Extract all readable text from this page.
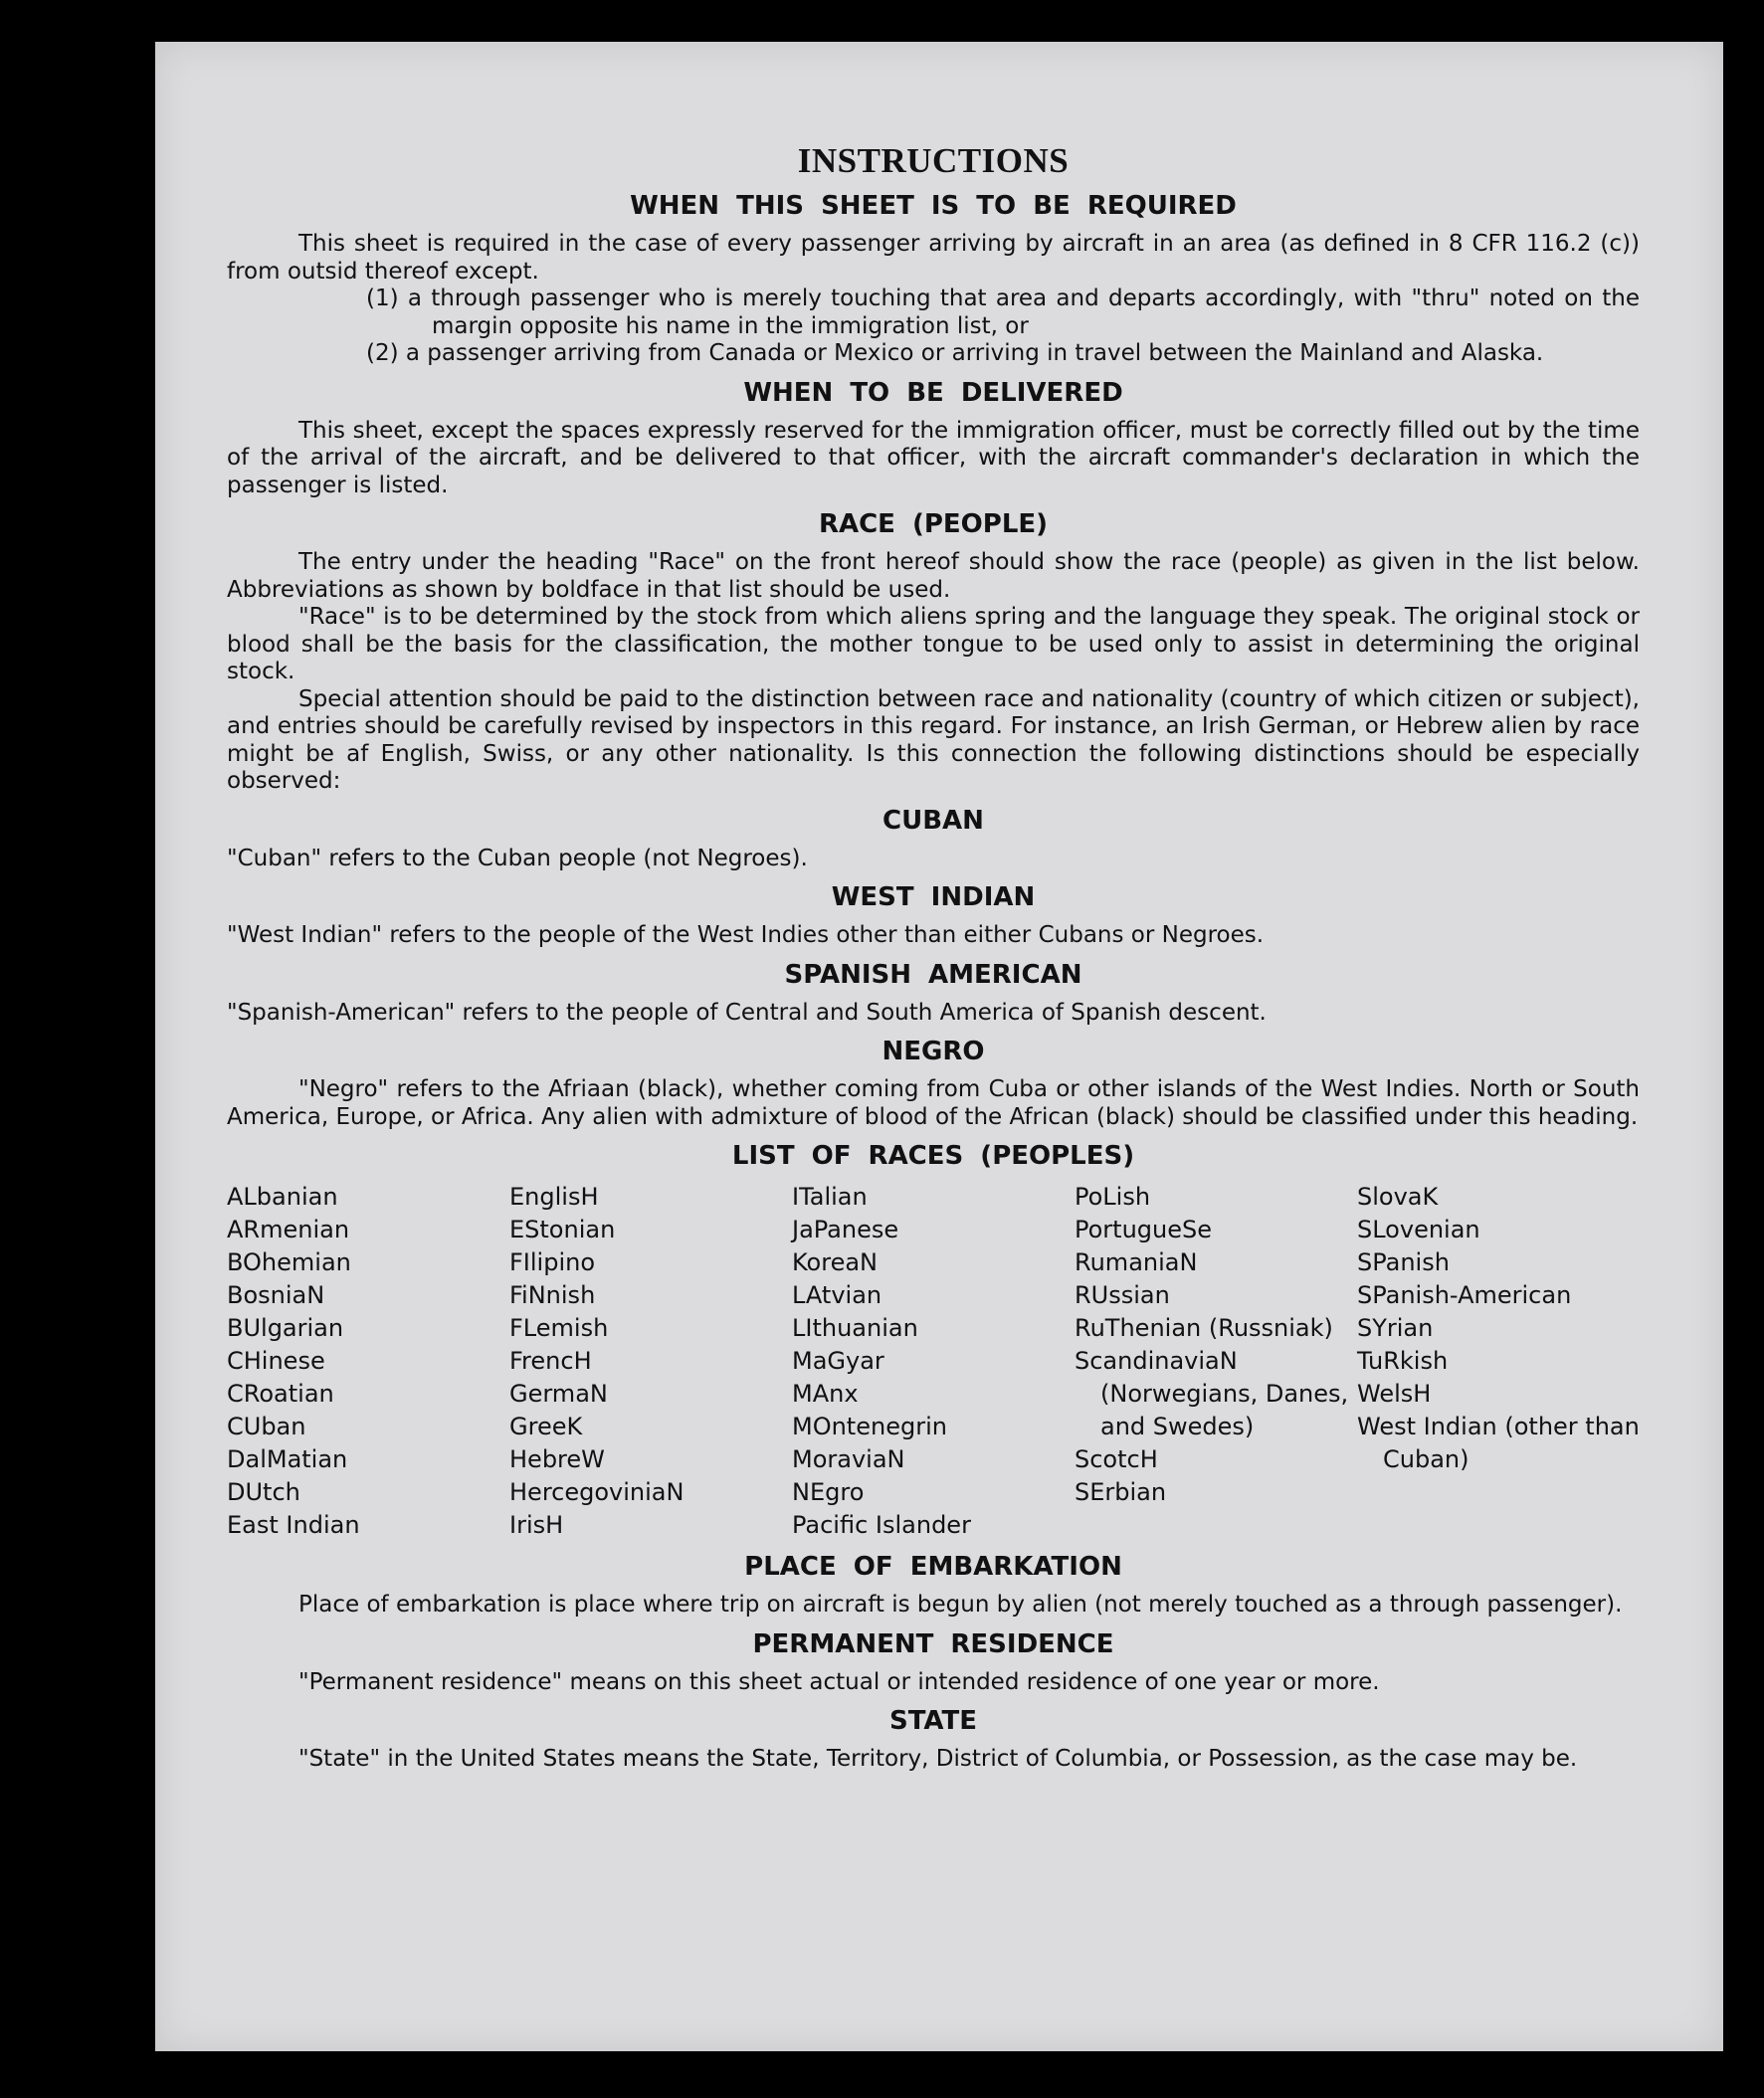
INSTRUCTIONS
WHEN THIS SHEET IS TO BE REQUIRED

This sheet is required in the case of every passenger arriving by aircraft in an area (as defined in 8 CFR 116.2 (c)) from outsid thereof except.

(1) a through passenger who is merely touching that area and departs accordingly, with "thru" noted on the margin opposite his name in the immigration list, or
(2) a passenger arriving from Canada or Mexico or arriving in travel between the Mainland and Alaska.
WHEN TO BE DELIVERED

This sheet, except the spaces expressly reserved for the immigration officer, must be correctly filled out by the time of the arrival of the aircraft, and be delivered to that officer, with the aircraft commander's declaration in which the passenger is listed.

RACE (PEOPLE)

The entry under the heading "Race" on the front hereof should show the race (people) as given in the list below. Abbreviations as shown by boldface in that list should be used.

"Race" is to be determined by the stock from which aliens spring and the language they speak. The original stock or blood shall be the basis for the classification, the mother tongue to be used only to assist in determining the original stock.

Special attention should be paid to the distinction between race and nationality (country of which citizen or subject), and entries should be carefully revised by inspectors in this regard. For instance, an Irish German, or Hebrew alien by race might be af English, Swiss, or any other nationality. Is this connection the following distinctions should be especially observed:

CUBAN

"Cuban" refers to the Cuban people (not Negroes).

WEST INDIAN

"West Indian" refers to the people of the West Indies other than either Cubans or Negroes.

SPANISH AMERICAN

"Spanish-American" refers to the people of Central and South America of Spanish descent.

NEGRO

"Negro" refers to the Afriaan (black), whether coming from Cuba or other islands of the West Indies. North or South America, Europe, or Africa. Any alien with admixture of blood of the African (black) should be classified under this heading.

LIST OF RACES (PEOPLES)
ALbanian
ARmenian
BOhemian
BosniaN
BUlgarian
CHinese
CRoatian
CUban
DalMatian
DUtch
East Indian
EnglisH
EStonian
FIlipino
FiNnish
FLemish
FrencH
GermaN
GreeK
HebreW
HercegoviniaN
IrisH
ITalian
JaPanese
KoreaN
LAtvian
LIthuanian
MaGyar
MAnx
MOntenegrin
MoraviaN
NEgro
Pacific Islander
PoLish
PortugueSe
RumaniaN
RUssian
RuThenian (Russniak)
ScandinaviaN (Norwegians, Danes, and Swedes)
ScotcH
SErbian
SlovaK
SLovenian
SPanish
SPanish-American
SYrian
TuRkish
WelsH
West Indian (other than Cuban)
PLACE OF EMBARKATION

Place of embarkation is place where trip on aircraft is begun by alien (not merely touched as a through passenger).

PERMANENT RESIDENCE

"Permanent residence" means on this sheet actual or intended residence of one year or more.

STATE

"State" in the United States means the State, Territory, District of Columbia, or Possession, as the case may be.
